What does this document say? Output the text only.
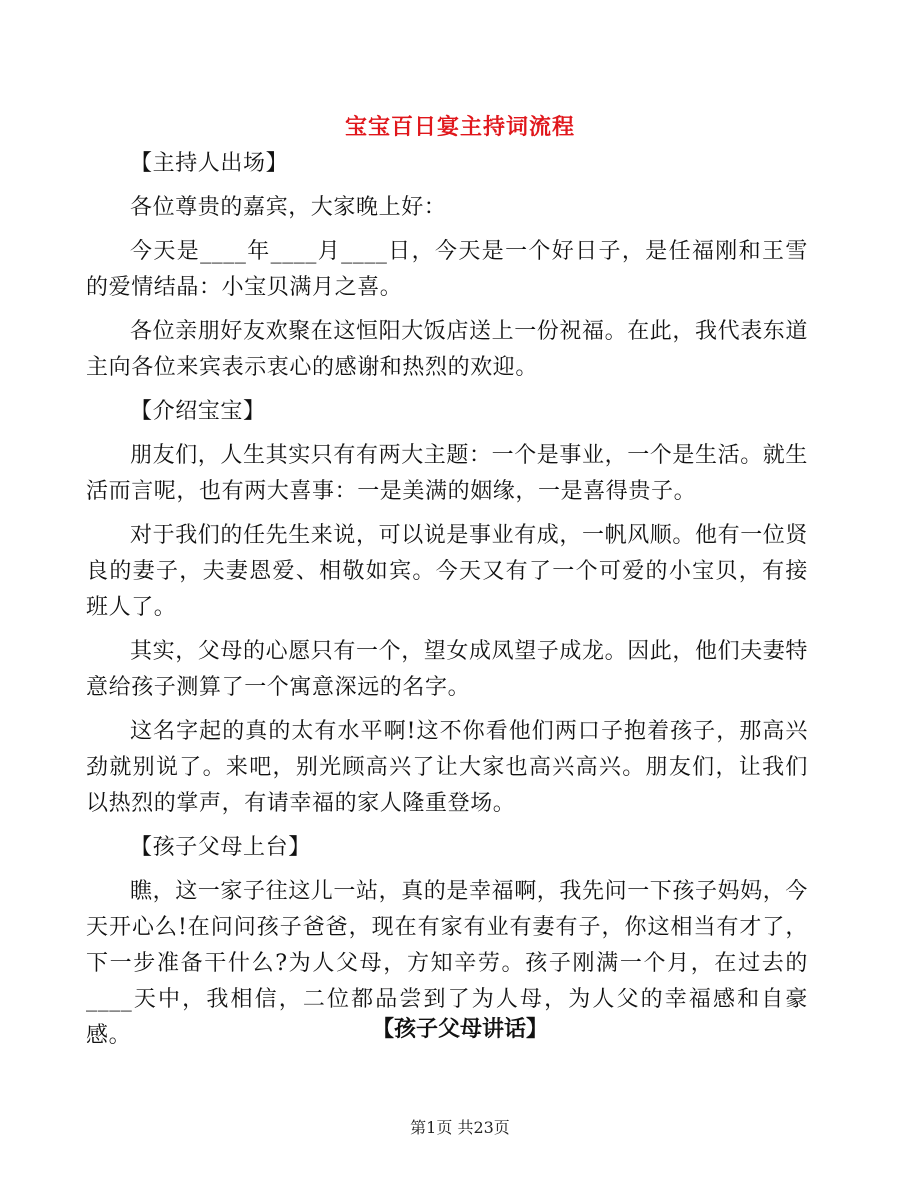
宝宝百日宴主持词流程

【主持人出场】

各位尊贵的嘉宾，大家晚上好：

今天是____年____月____日，今天是一个好日子，是任福刚和王雪的爱情结晶：小宝贝满月之喜。

各位亲朋好友欢聚在这恒阳大饭店送上一份祝福。在此，我代表东道主向各位来宾表示衷心的感谢和热烈的欢迎。

【介绍宝宝】

朋友们，人生其实只有有两大主题：一个是事业，一个是生活。就生活而言呢，也有两大喜事：一是美满的姻缘，一是喜得贵子。

对于我们的任先生来说，可以说是事业有成，一帆风顺。他有一位贤良的妻子，夫妻恩爱、相敬如宾。今天又有了一个可爱的小宝贝，有接班人了。

其实，父母的心愿只有一个，望女成凤望子成龙。因此，他们夫妻特意给孩子测算了一个寓意深远的名字。

这名字起的真的太有水平啊!这不你看他们两口子抱着孩子，那高兴劲就别说了。来吧，别光顾高兴了让大家也高兴高兴。朋友们，让我们以热烈的掌声，有请幸福的家人隆重登场。

【孩子父母上台】

瞧，这一家子往这儿一站，真的是幸福啊，我先问一下孩子妈妈，今天开心么!在问问孩子爸爸，现在有家有业有妻有子，你这相当有才了，下一步准备干什么?为人父母，方知辛劳。孩子刚满一个月，在过去的____天中，我相信，二位都品尝到了为人母，为人父的幸福感和自豪感。	【孩子父母讲话】
第1页 共23页
